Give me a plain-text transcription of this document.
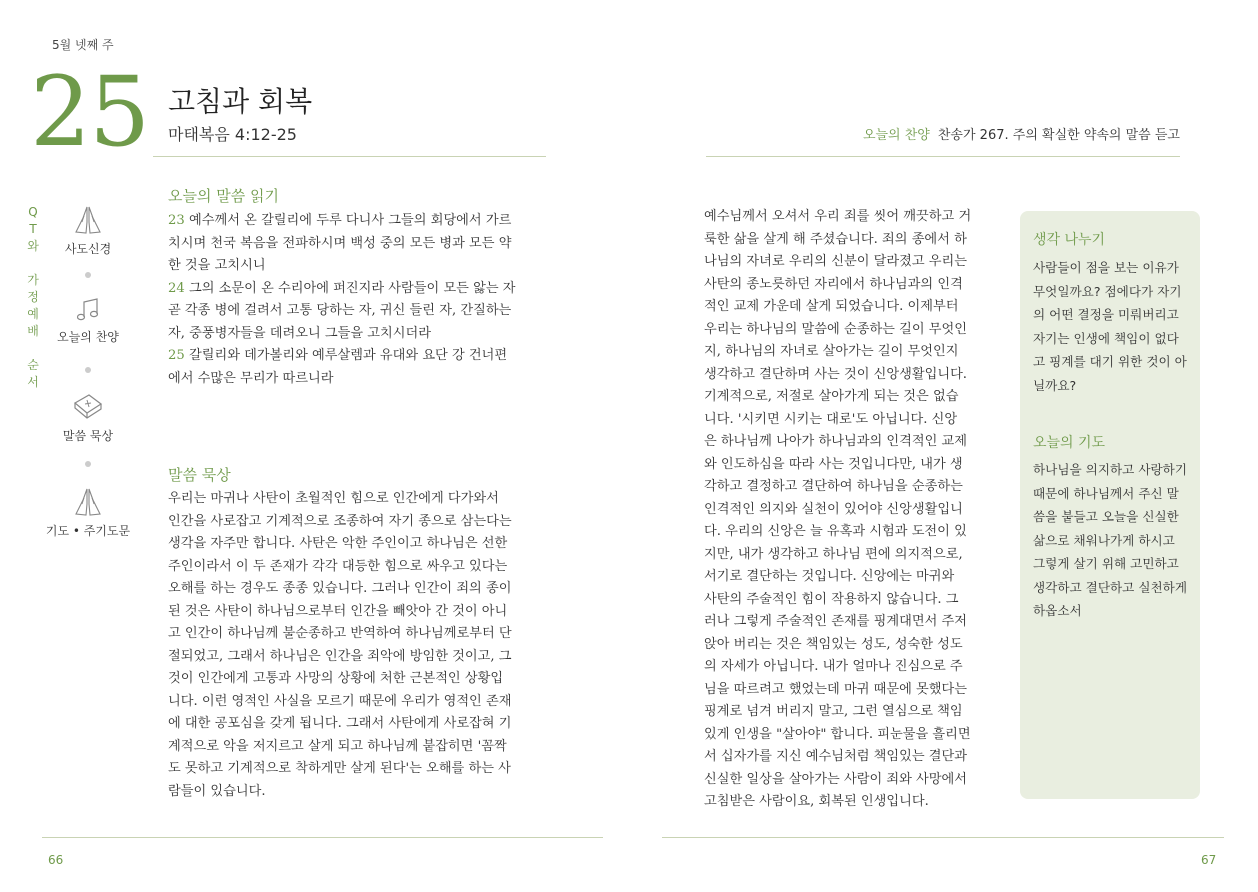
5월 넷째 주
25 고침과 회복
마태복음 4:12-25	오늘의 찬양 찬송가 267. 주의 확실한 약속의 말씀 듣고
Q
T
와
가
정
예
배
순
서
사도신경
오늘의 찬양
말씀 묵상
기도 • 주기도문
오늘의 말씀 읽기
23 예수께서 온 갈릴리에 두루 다니사 그들의 회당에서 가르
치시며 천국 복음을 전파하시며 백성 중의 모든 병과 모든 약
한 것을 고치시니
24 그의 소문이 온 수리아에 퍼진지라 사람들이 모든 앓는 자
곧 각종 병에 걸려서 고통 당하는 자, 귀신 들린 자, 간질하는
자, 중풍병자들을 데려오니 그들을 고치시더라
25 갈릴리와 데가볼리와 예루살렘과 유대와 요단 강 건너편
에서 수많은 무리가 따르니라
말씀 묵상
우리는 마귀나 사탄이 초월적인 힘으로 인간에게 다가와서
인간을 사로잡고 기계적으로 조종하여 자기 종으로 삼는다는
생각을 자주만 합니다. 사탄은 악한 주인이고 하나님은 선한
주인이라서 이 두 존재가 각각 대등한 힘으로 싸우고 있다는
오해를 하는 경우도 종종 있습니다. 그러나 인간이 죄의 종이
된 것은 사탄이 하나님으로부터 인간을 빼앗아 간 것이 아니
고 인간이 하나님께 불순종하고 반역하여 하나님께로부터 단
절되었고, 그래서 하나님은 인간을 죄악에 방임한 것이고, 그
것이 인간에게 고통과 사망의 상황에 처한 근본적인 상황입
니다. 이런 영적인 사실을 모르기 때문에 우리가 영적인 존재
에 대한 공포심을 갖게 됩니다. 그래서 사탄에게 사로잡혀 기
계적으로 악을 저지르고 살게 되고 하나님께 붙잡히면 '꼼짝
도 못하고 기계적으로 착하게만 살게 된다'는 오해를 하는 사
람들이 있습니다.
예수님께서 오셔서 우리 죄를 씻어 깨끗하고 거
룩한 삶을 살게 해 주셨습니다. 죄의 종에서 하
나님의 자녀로 우리의 신분이 달라졌고 우리는
사탄의 종노릇하던 자리에서 하나님과의 인격
적인 교제 가운데 살게 되었습니다. 이제부터
우리는 하나님의 말씀에 순종하는 길이 무엇인
지, 하나님의 자녀로 살아가는 길이 무엇인지
생각하고 결단하며 사는 것이 신앙생활입니다.
기계적으로, 저절로 살아가게 되는 것은 없습
니다. '시키면 시키는 대로'도 아닙니다. 신앙
은 하나님께 나아가 하나님과의 인격적인 교제
와 인도하심을 따라 사는 것입니다만, 내가 생
각하고 결정하고 결단하여 하나님을 순종하는
인격적인 의지와 실천이 있어야 신앙생활입니
다. 우리의 신앙은 늘 유혹과 시험과 도전이 있
지만, 내가 생각하고 하나님 편에 의지적으로,
서기로 결단하는 것입니다. 신앙에는 마귀와
사탄의 주술적인 힘이 작용하지 않습니다. 그
러나 그렇게 주술적인 존재를 핑계대면서 주저
앉아 버리는 것은 책임있는 성도, 성숙한 성도
의 자세가 아닙니다. 내가 얼마나 진심으로 주
님을 따르려고 했었는데 마귀 때문에 못했다는
핑계로 넘겨 버리지 말고, 그런 열심으로 책임
있게 인생을 "살아야" 합니다. 피눈물을 흘리면
서 십자가를 지신 예수님처럼 책임있는 결단과
신실한 일상을 살아가는 사람이 죄와 사망에서
고침받은 사람이요, 회복된 인생입니다.
생각 나누기
사람들이 점을 보는 이유가
무엇일까요? 점에다가 자기
의 어떤 결정을 미뤄버리고
자기는 인생에 책임이 없다
고 핑계를 대기 위한 것이 아
닐까요?
오늘의 기도
하나님을 의지하고 사랑하기
때문에 하나님께서 주신 말
씀을 붙들고 오늘을 신실한
삶으로 채워나가게 하시고
그렇게 살기 위해 고민하고
생각하고 결단하고 실천하게
하옵소서
66	67
